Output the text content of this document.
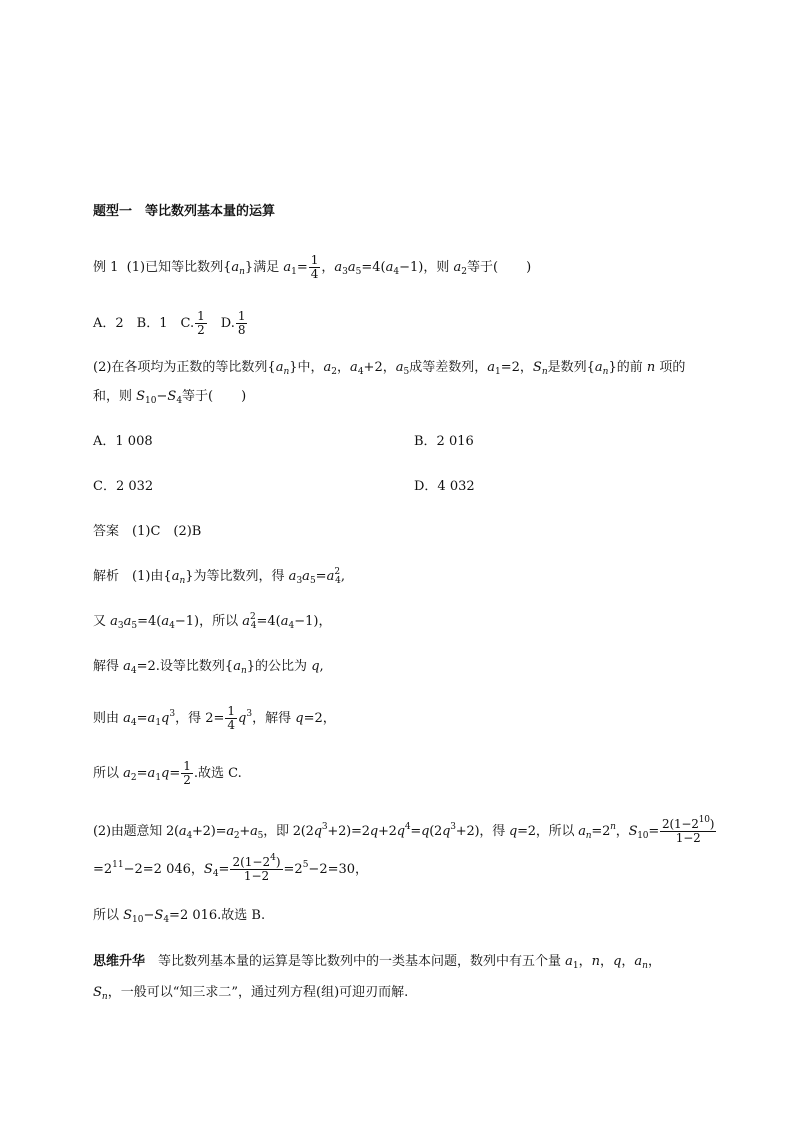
题型一　等比数列基本量的运算
例 1  (1)已知等比数列$\{a_n\}$满足 $a_1= \frac{1}{4}$ ，$a_3a_5=4(a_4-1)$，则 $a_2$等于( )
A．2　B．1　C. $\frac{1}{2}$ 　D. $\frac{1}{8}$
(2)在各项均为正数的等比数列$\{a_n\}$中，$a_2$，$a_4+2$，$a_5$成等差数列，$a_1=2$，$S_n$是数列$\{a_n\}$的前 n 项的
和，则 $S_{10}-S_4$等于( )
A．1 008	B．2 016
C．2 032	D．4 032
答案　 (1)C　(2)B
解析　(1)由$\{a_n\}$为等比数列，得 $a_3a_5=a^2_4$,
又 $a_3a_5=4(a_4-1)$，所以 $a^2_4=4(a_4-1)$，
解得 $a_4=2$.设等比数列$\{a_n\}$的公比为 q,
则由 $a_4=a_1q^3$，得 $2= \frac{1}{4} q^3$，解得 q=2，
所以 $a_2=a_1q= \frac{1}{2}$ .故选 C.
(2)由题意知 $2(a_4+2)=a_2+a_5$，即 $2(2q^3+2)=2q+2q^4=q(2q^3+2)$，得 q=2，所以 $a_n=2^n$，$S_{10}= \frac{2(1-2^{10})}{1-2}$
$=2^{11}-2=2$ 046，$S_4= \frac{2(1-2^4)}{1-2} =2^5-2=30$，
所以 $S_{10}-S_4=2$ 016.故选 B.
思维升华　等比数列基本量的运算是等比数列中的一类基本问题，数列中有五个量 $a_1$，n，q，$a_n$，
$S_n$，一般可以“知三求二”，通过列方程(组)可迎刃而解.
